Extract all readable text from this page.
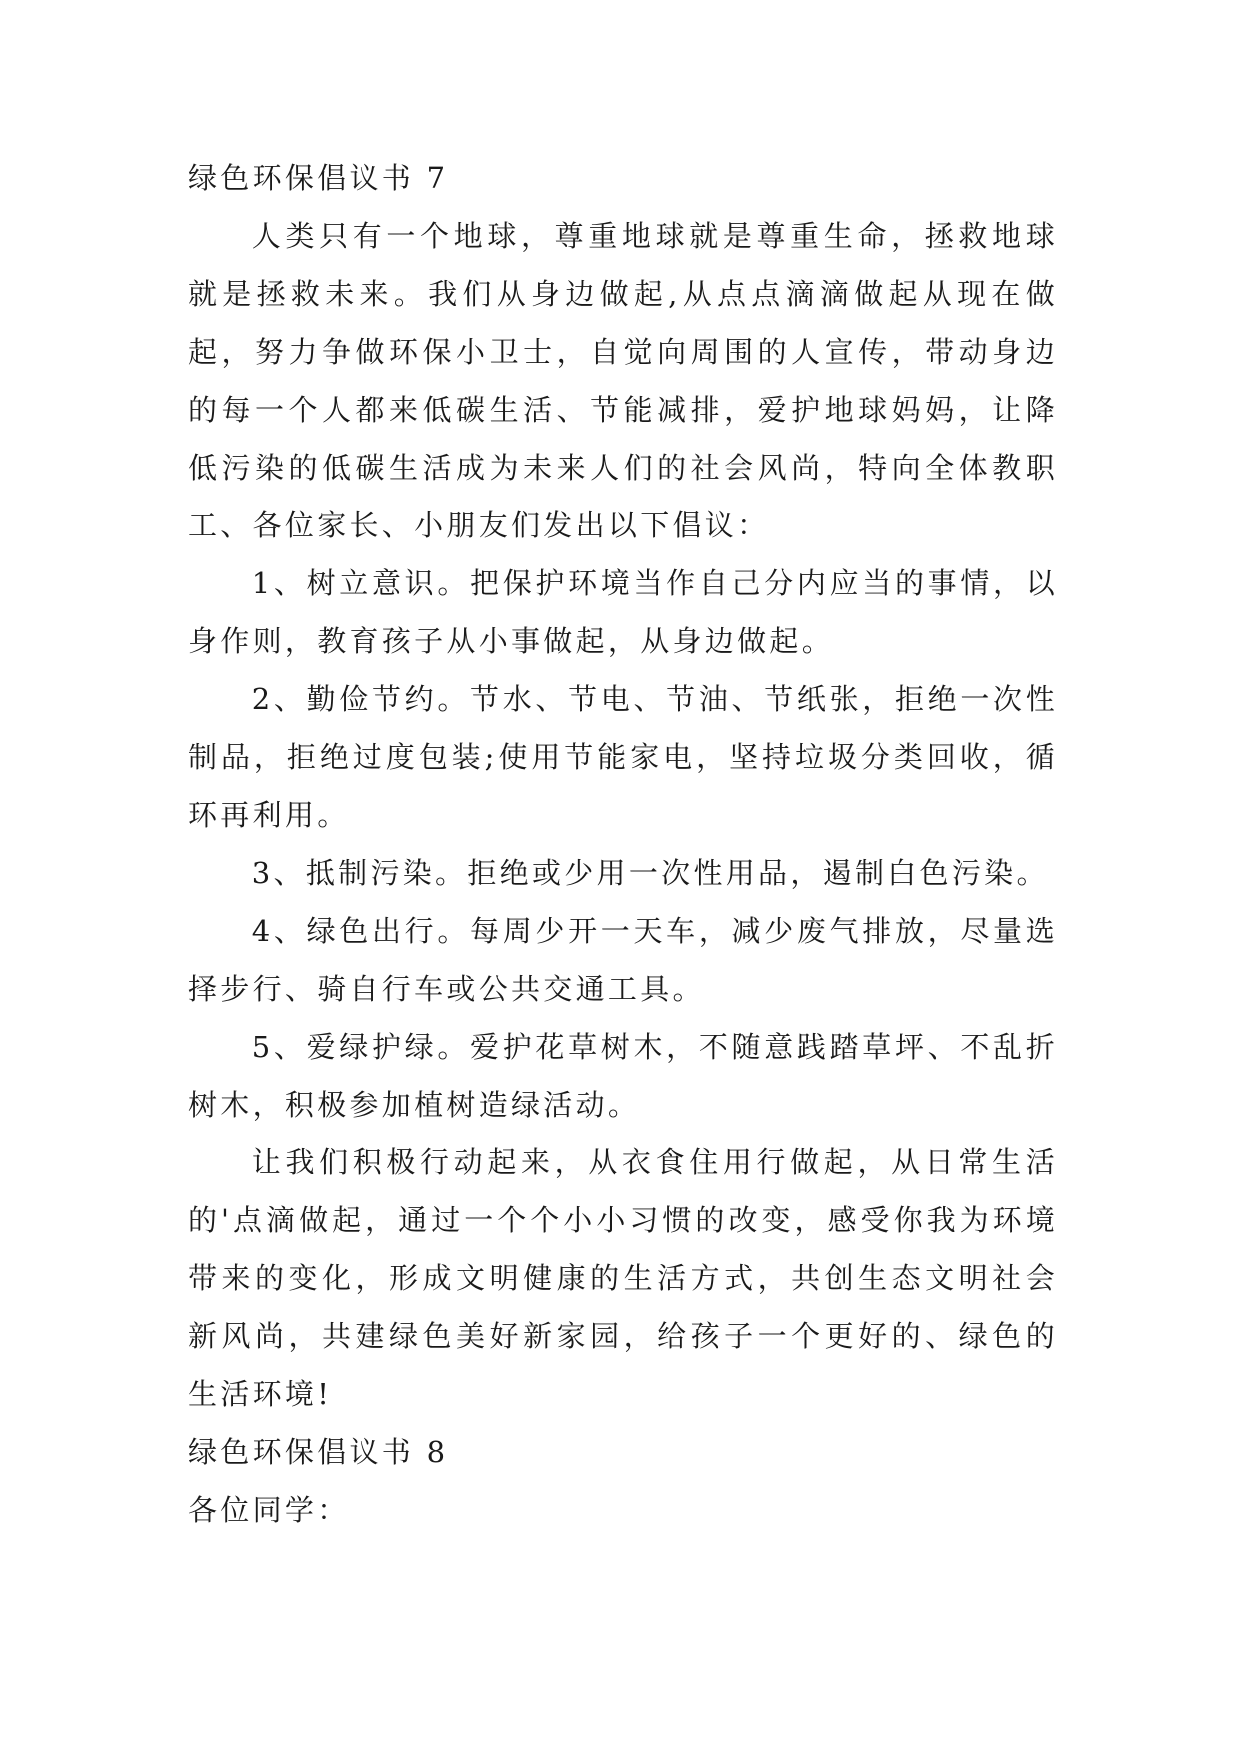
绿色环保倡议书 7

人类只有一个地球，尊重地球就是尊重生命，拯救地球就是拯救未来。我们从身边做起,从点点滴滴做起从现在做起，努力争做环保小卫士，自觉向周围的人宣传，带动身边的每一个人都来低碳生活、节能减排，爱护地球妈妈，让降低污染的低碳生活成为未来人们的社会风尚，特向全体教职工、各位家长、小朋友们发出以下倡议：

1、树立意识。把保护环境当作自己分内应当的事情，以身作则，教育孩子从小事做起，从身边做起。

2、勤俭节约。节水、节电、节油、节纸张，拒绝一次性制品，拒绝过度包装;使用节能家电，坚持垃圾分类回收，循环再利用。

3、抵制污染。拒绝或少用一次性用品，遏制白色污染。

4、绿色出行。每周少开一天车，减少废气排放，尽量选择步行、骑自行车或公共交通工具。

5、爱绿护绿。爱护花草树木，不随意践踏草坪、不乱折树木，积极参加植树造绿活动。

让我们积极行动起来，从衣食住用行做起，从日常生活的'点滴做起，通过一个个小小习惯的改变，感受你我为环境带来的变化，形成文明健康的生活方式，共创生态文明社会新风尚，共建绿色美好新家园，给孩子一个更好的、绿色的生活环境!

绿色环保倡议书 8

各位同学：
